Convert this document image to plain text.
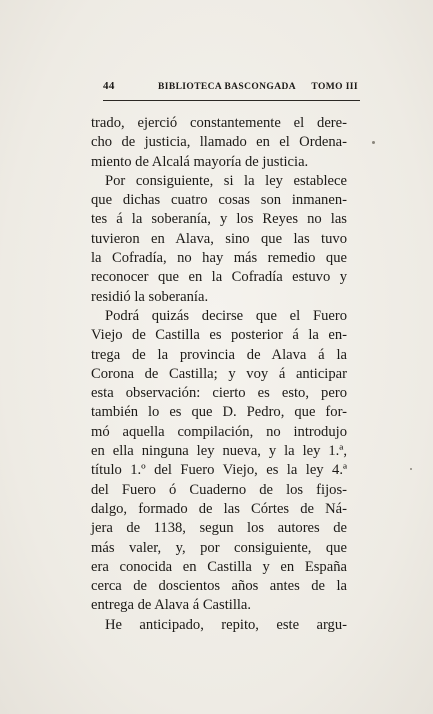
44	BIBLIOTECA BASCONGADA TOMO III
trado, ejerció constantemente el dere-
cho de justicia, llamado en el Ordena-
miento de Alcalá mayoría de justicia.
Por consiguiente, si la ley establece
que dichas cuatro cosas son inmanen-
tes á la soberanía, y los Reyes no las
tuvieron en Alava, sino que las tuvo
la Cofradía, no hay más remedio que
reconocer que en la Cofradía estuvo y
residió la soberanía.
Podrá quizás decirse que el Fuero
Viejo de Castilla es posterior á la en-
trega de la provincia de Alava á la
Corona de Castilla; y voy á anticipar
esta observación: cierto es esto, pero
también lo es que D. Pedro, que for-
mó aquella compilación, no introdujo
en ella ninguna ley nueva, y la ley 1.ª,
título 1.º del Fuero Viejo, es la ley 4.ª
del Fuero ó Cuaderno de los fijos-
dalgo, formado de las Córtes de Ná-
jera de 1138, segun los autores de
más valer, y, por consiguiente, que
era conocida en Castilla y en España
cerca de doscientos años antes de la
entrega de Alava á Castilla.
He anticipado, repito, este argu-
